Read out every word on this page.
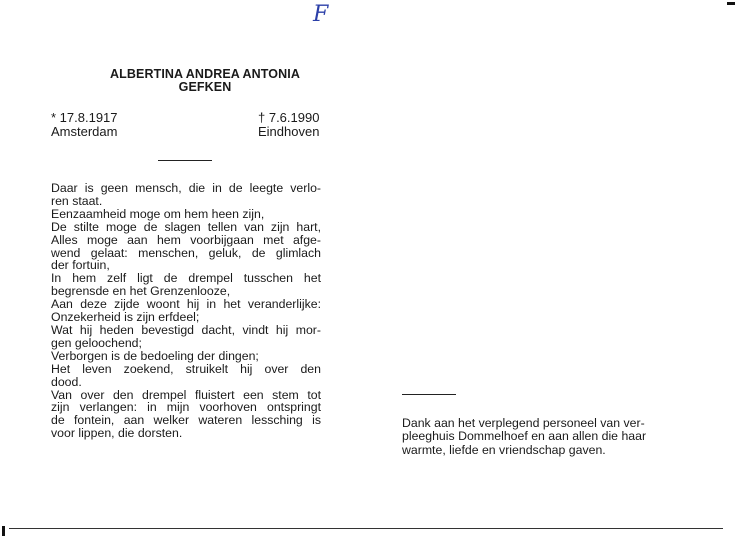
F
ALBERTINA ANDREA ANTONIA
GEFKEN
* 17.8.1917
Amsterdam
† 7.6.1990
Eindhoven
Daar is geen mensch, die in de leegte verlo-
ren staat.
Eenzaamheid moge om hem heen zijn,
De stilte moge de slagen tellen van zijn hart,
Alles moge aan hem voorbijgaan met afge-
wend gelaat: menschen, geluk, de glimlach
der fortuin,
In hem zelf ligt de drempel tusschen het
begrensde en het Grenzenlooze,
Aan deze zijde woont hij in het veranderlijke:
Onzekerheid is zijn erfdeel;
Wat hij heden bevestigd dacht, vindt hij mor-
gen geloochend;
Verborgen is de bedoeling der dingen;
Het leven zoekend, struikelt hij over den
dood.
Van over den drempel fluistert een stem tot
zijn verlangen: in mijn voorhoven ontspringt
de fontein, aan welker wateren lessching is
voor lippen, die dorsten.
Dank aan het verplegend personeel van ver-
pleeghuis Dommelhoef en aan allen die haar
warmte, liefde en vriendschap gaven.
